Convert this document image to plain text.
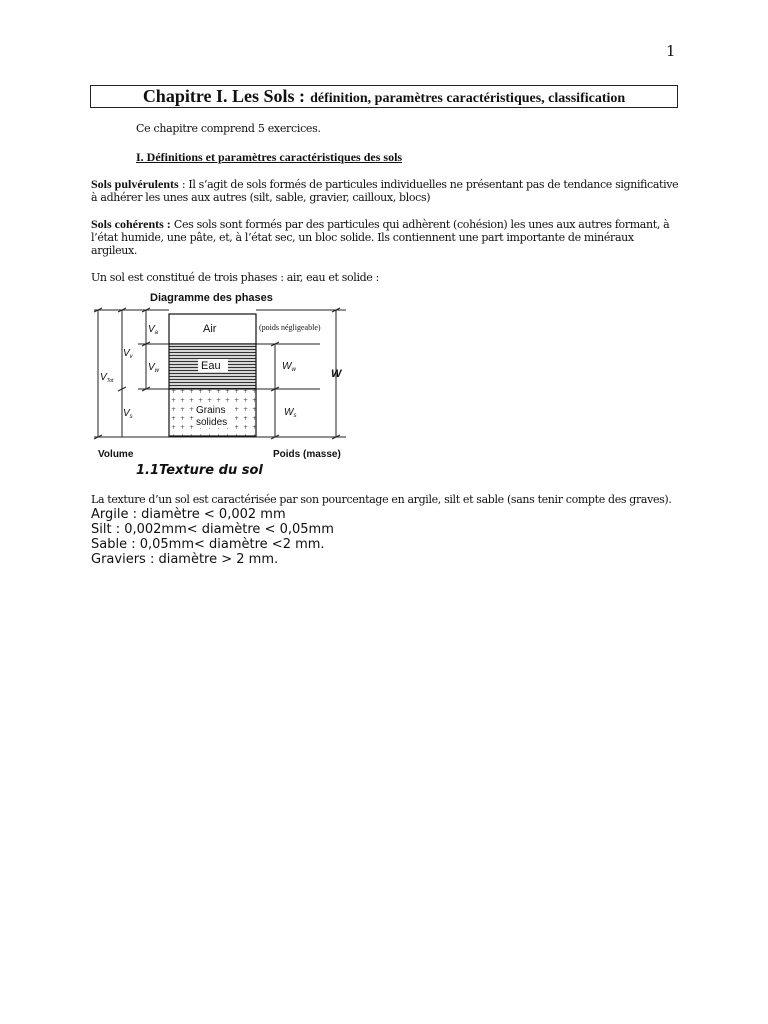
1
Chapitre I. Les Sols : définition, paramètres caractéristiques, classification
Ce chapitre comprend 5 exercices.
I. Définitions et paramètres caractéristiques des sols
Sols pulvérulents : Il s’agit de sols formés de particules individuelles ne présentant pas de tendance significative à adhérer les unes aux autres (silt, sable, gravier, cailloux, blocs)
Sols cohérents : Ces sols sont formés par des particules qui adhèrent (cohésion) les unes aux autres formant, à l’état humide, une pâte, et, à l’état sec, un bloc solide. Ils contiennent une part importante de minéraux argileux.
Un sol est constitué de trois phases : air, eau et solide :
Diagramme des phases
Air
Eau
Grains
solides
(poids négligeable)
$V_{Tot}$
$V_v$
$V_a$
$V_w$
$V_s$
$W_w$
$W_s$
W
Volume	Poids (masse)
1.1Texture du sol
La texture d’un sol est caractérisée par son pourcentage en argile, silt et sable (sans tenir compte des graves).
Argile : diamètre < 0,002 mm
Silt : 0,002mm< diamètre < 0,05mm
Sable : 0,05mm< diamètre <2 mm.
Graviers : diamètre > 2 mm.
